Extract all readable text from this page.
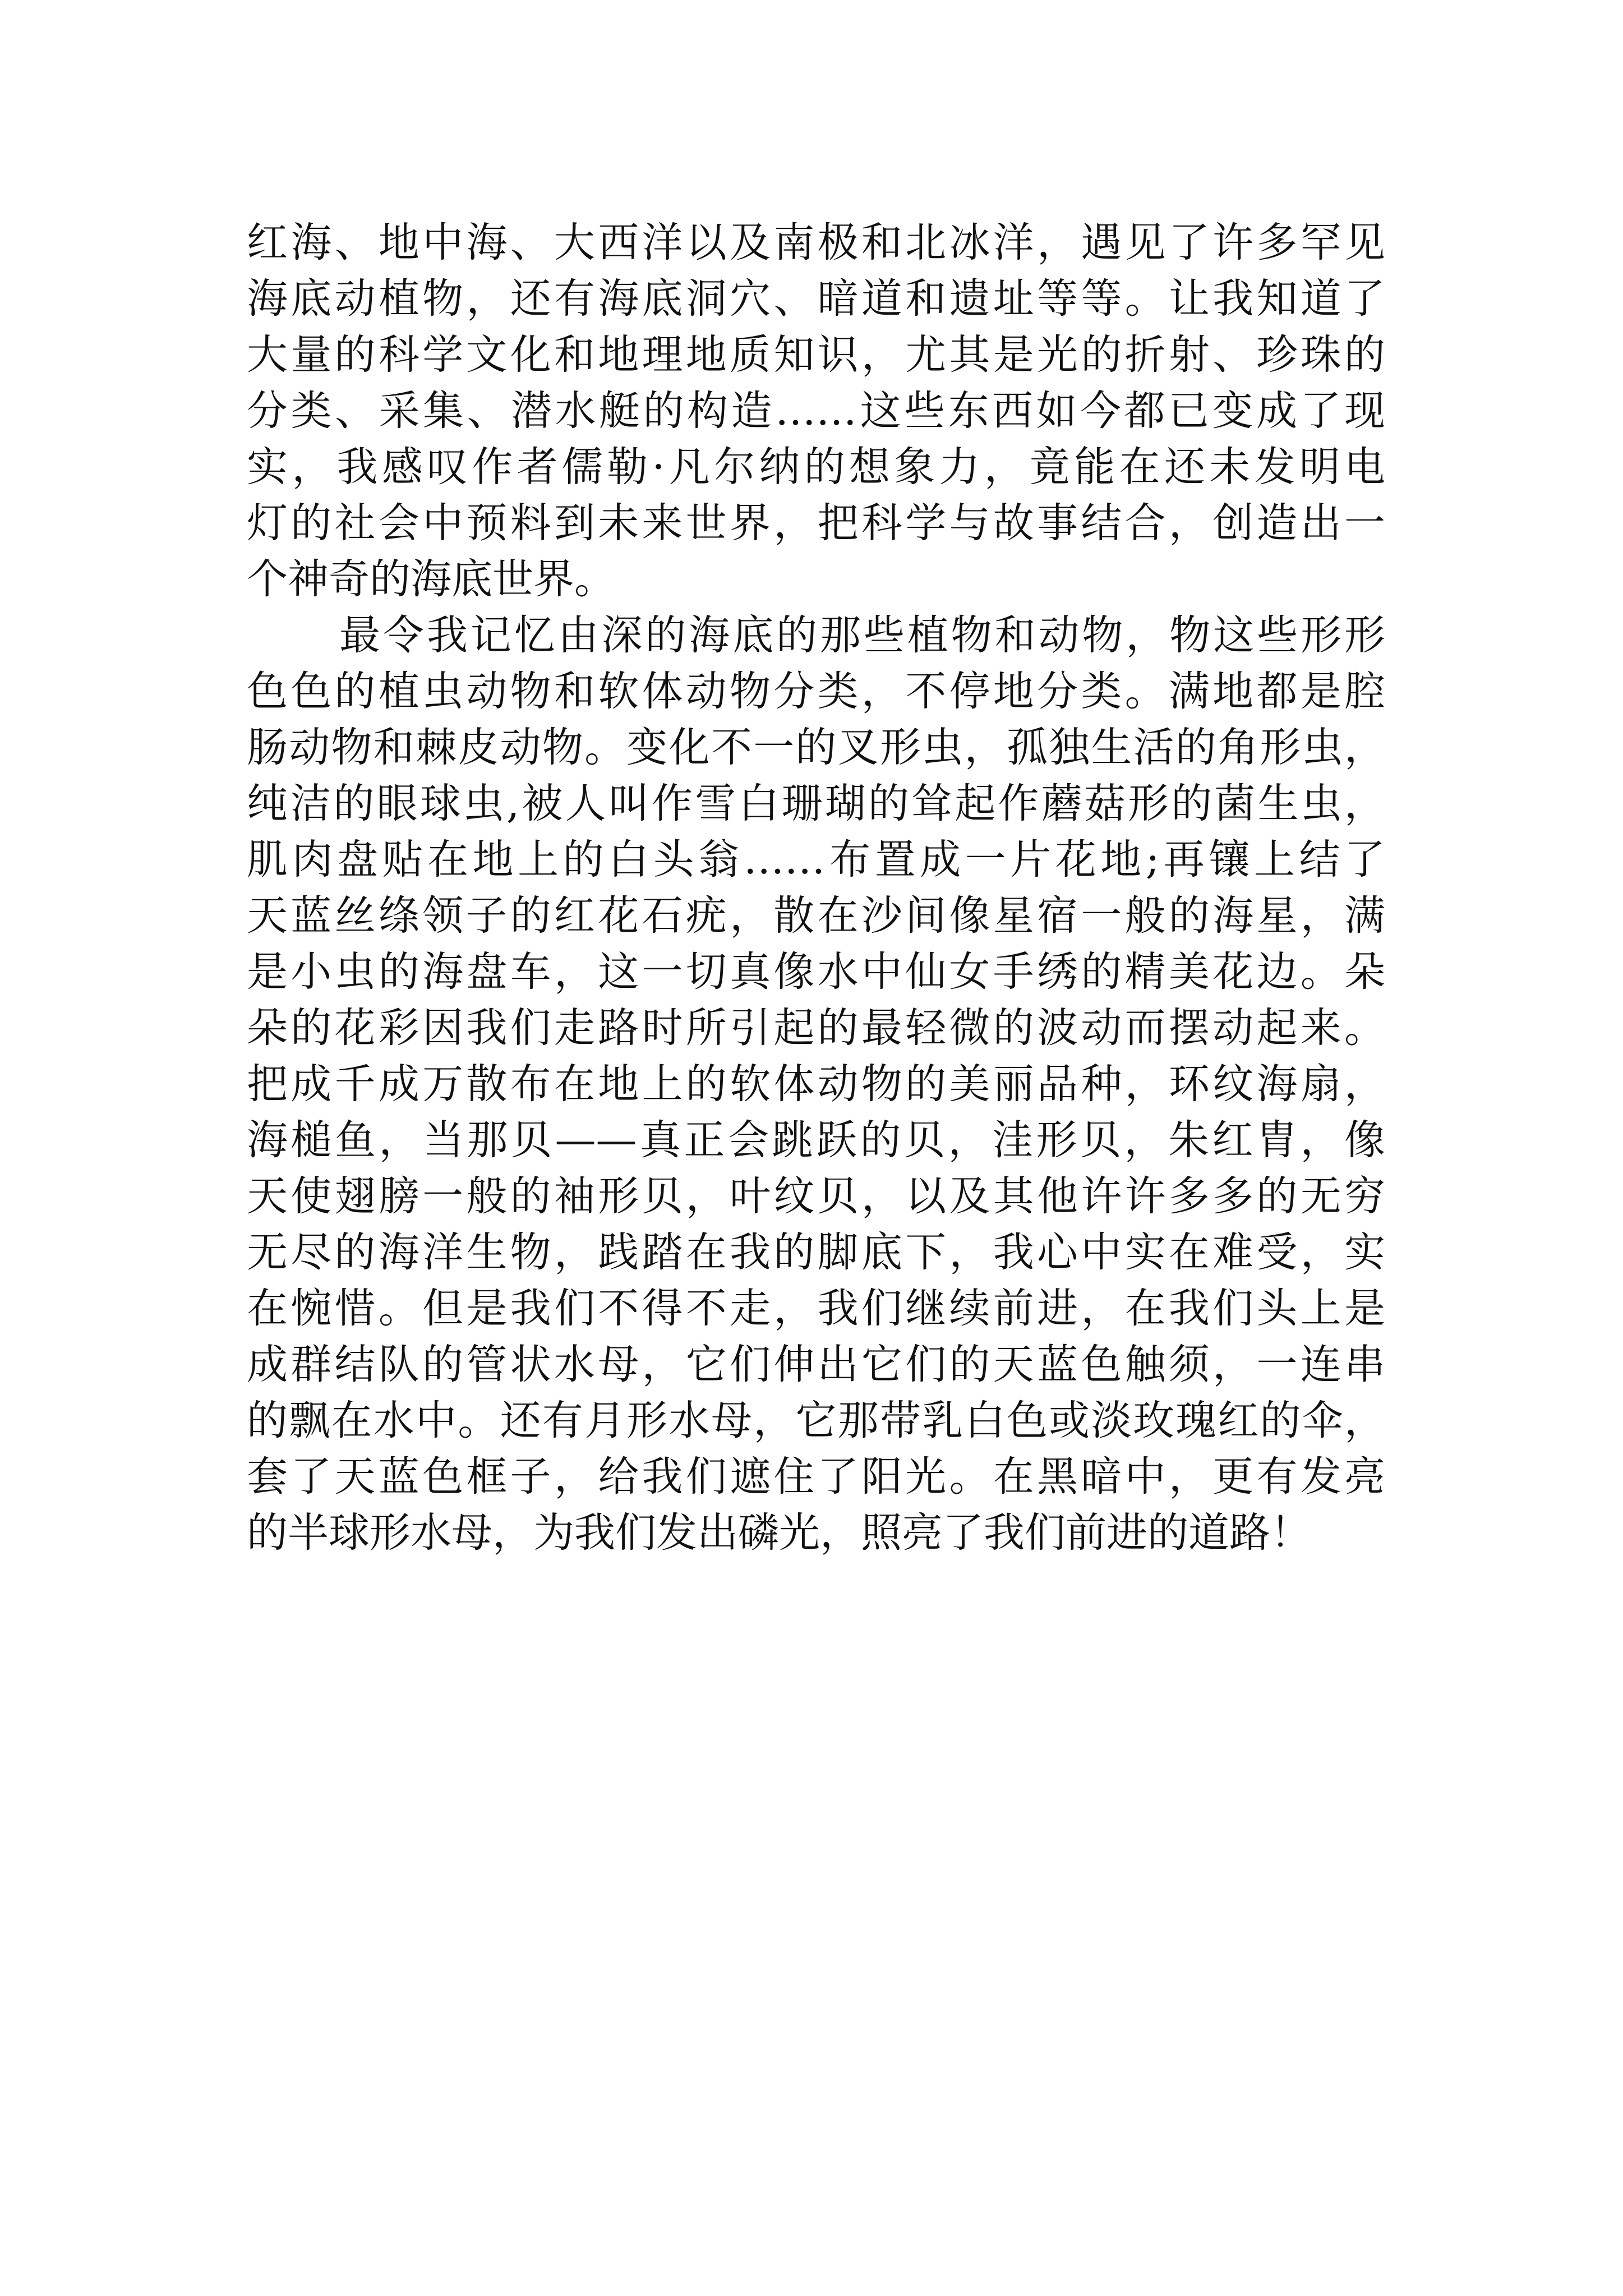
红海、地中海、大西洋以及南极和北冰洋，遇见了许多罕见
海底动植物，还有海底洞穴、暗道和遗址等等。让我知道了
大量的科学文化和地理地质知识，尤其是光的折射、珍珠的
分类、采集、潜水艇的构造……这些东西如今都已变成了现
实，我感叹作者儒勒·凡尔纳的想象力，竟能在还未发明电
灯的社会中预料到未来世界，把科学与故事结合，创造出一
个神奇的海底世界。
最令我记忆由深的海底的那些植物和动物，物这些形形
色色的植虫动物和软体动物分类，不停地分类。满地都是腔
肠动物和棘皮动物。变化不一的叉形虫，孤独生活的角形虫，
纯洁的眼球虫,被人叫作雪白珊瑚的耸起作蘑菇形的菌生虫，
肌肉盘贴在地上的白头翁……布置成一片花地;再镶上结了
天蓝丝绦领子的红花石疣，散在沙间像星宿一般的海星，满
是小虫的海盘车，这一切真像水中仙女手绣的精美花边。朵
朵的花彩因我们走路时所引起的最轻微的波动而摆动起来。
把成千成万散布在地上的软体动物的美丽品种，环纹海扇，
海槌鱼，当那贝——真正会跳跃的贝，洼形贝，朱红胄，像
天使翅膀一般的袖形贝，叶纹贝，以及其他许许多多的无穷
无尽的海洋生物，践踏在我的脚底下，我心中实在难受，实
在惋惜。但是我们不得不走，我们继续前进，在我们头上是
成群结队的管状水母，它们伸出它们的天蓝色触须，一连串
的飘在水中。还有月形水母，它那带乳白色或淡玫瑰红的伞，
套了天蓝色框子，给我们遮住了阳光。在黑暗中，更有发亮
的半球形水母，为我们发出磷光，照亮了我们前进的道路！
